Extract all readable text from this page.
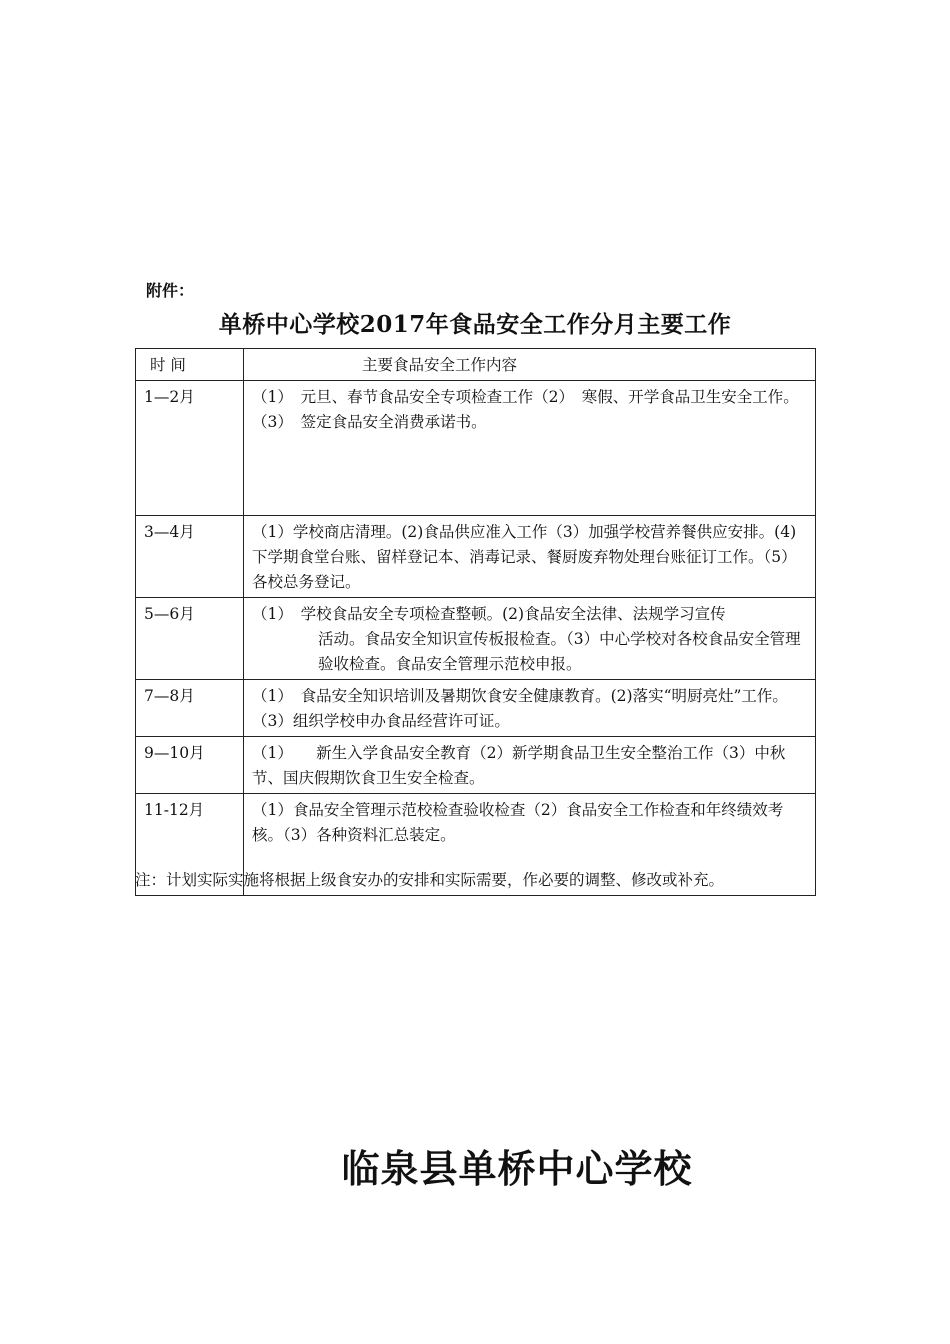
附件：
单桥中心学校2017年食品安全工作分月主要工作
时 间	主要食品安全工作内容
1—2月	（1）　元旦、春节食品安全专项检查工作（2）　寒假、开学食品卫生安全工作。（3）　签定食品安全消费承诺书。
3—4月	（1）学校商店清理。(2)食品供应准入工作（3）加强学校营养餐供应安排。(4)下学期食堂台账、留样登记本、消毒记录、餐厨废弃物处理台账征订工作。（5）各校总务登记。
5—6月	（1）　学校食品安全专项检查整顿。(2)食品安全法律、法规学习宣传
活动。食品安全知识宣传板报检查。（3）中心学校对各校食品安全管理验收检查。食品安全管理示范校申报。

7—8月	（1）　食品安全知识培训及暑期饮食安全健康教育。(2)落实“明厨亮灶”工作。　（3）组织学校申办食品经营许可证。
9—10月	（1）　　新生入学食品安全教育（2）新学期食品卫生安全整治工作（3）中秋节、国庆假期饮食卫生安全检查。
11-12月	（1）食品安全管理示范校检查验收检查（2）食品安全工作检查和年终绩效考核。（3）各种资料汇总装定。
注：计划实际实施将根据上级食安办的安排和实际需要，作必要的调整、修改或补充。
临泉县单桥中心学校
